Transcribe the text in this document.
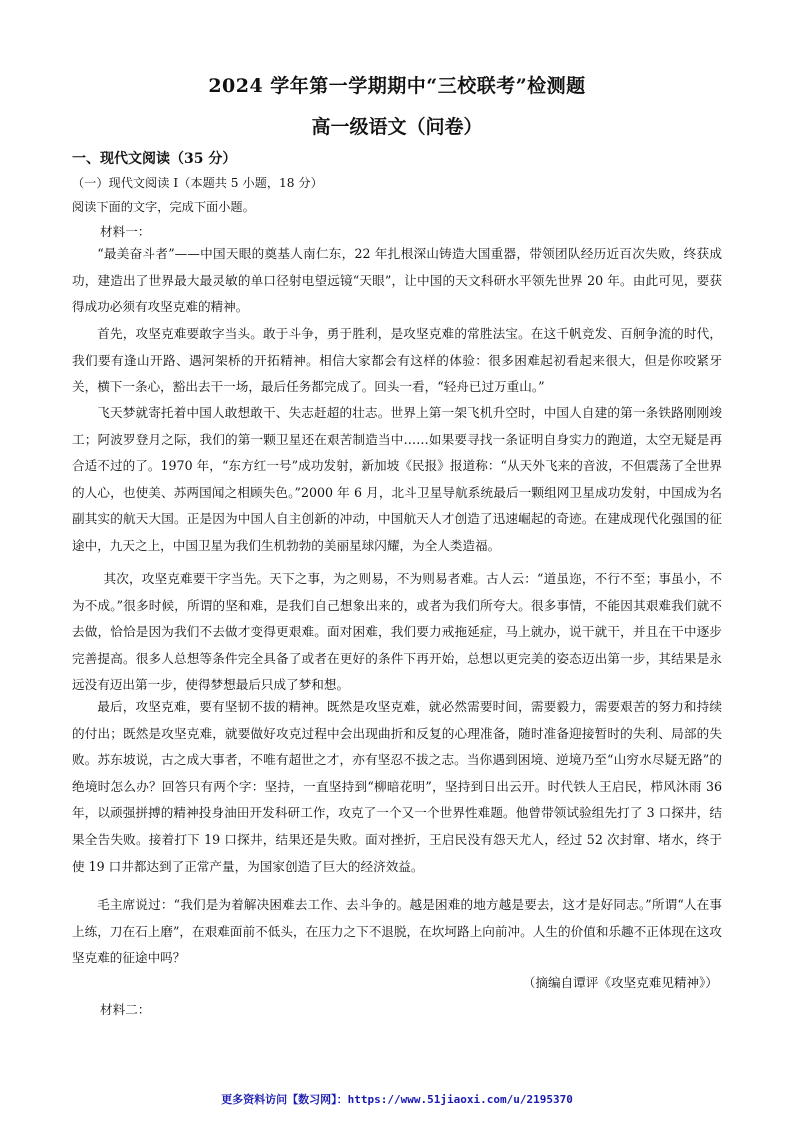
2024 学年第一学期期中“三校联考”检测题
高一级语文（问卷）
一、现代文阅读（35 分）
（一）现代文阅读 I（本题共 5 小题，18 分）
阅读下面的文字，完成下面小题。
材料一：

“最美奋斗者”——中国天眼的奠基人南仁东，22 年扎根深山铸造大国重器，带领团队经历近百次失败，终获成功，建造出了世界最大最灵敏的单口径射电望远镜“天眼”，让中国的天文科研水平领先世界 20 年。由此可见，要获得成功必须有攻坚克难的精神。

首先，攻坚克难要敢字当头。敢于斗争，勇于胜利，是攻坚克难的常胜法宝。在这千帆竞发、百舸争流的时代，我们要有逢山开路、遇河架桥的开拓精神。相信大家都会有这样的体验：很多困难起初看起来很大，但是你咬紧牙关，横下一条心，豁出去干一场，最后任务都完成了。回头一看，“轻舟已过万重山。”

飞天梦就寄托着中国人敢想敢干、失志赶超的壮志。世界上第一架飞机升空时，中国人自建的第一条铁路刚刚竣工；阿波罗登月之际，我们的第一颗卫星还在艰苦制造当中……如果要寻找一条证明自身实力的跑道，太空无疑是再合适不过的了。1970 年，“东方红一号”成功发射，新加坡《民报》报道称：“从天外飞来的音波，不但震荡了全世界的人心，也使美、苏两国闻之相顾失色。”2000 年 6 月，北斗卫星导航系统最后一颗组网卫星成功发射，中国成为名副其实的航天大国。正是因为中国人自主创新的冲动，中国航天人才创造了迅速崛起的奇迹。在建成现代化强国的征途中，九天之上，中国卫星为我们生机勃勃的美丽星球闪耀，为全人类造福。

其次，攻坚克难要干字当先。天下之事，为之则易，不为则易者难。古人云：“道虽迩，不行不至；事虽小，不为不成。”很多时候，所谓的坚和难，是我们自己想象出来的，或者为我们所夸大。很多事情，不能因其艰难我们就不去做，恰恰是因为我们不去做才变得更艰难。面对困难，我们要力戒拖延症，马上就办，说干就干，并且在干中逐步完善提高。很多人总想等条件完全具备了或者在更好的条件下再开始，总想以更完美的姿态迈出第一步，其结果是永远没有迈出第一步，使得梦想最后只成了梦和想。

最后，攻坚克难，要有坚韧不拔的精神。既然是攻坚克难，就必然需要时间，需要毅力，需要艰苦的努力和持续的付出；既然是攻坚克难，就要做好攻克过程中会出现曲折和反复的心理准备，随时准备迎接暂时的失利、局部的失败。苏东坡说，古之成大事者，不唯有超世之才，亦有坚忍不拔之志。当你遇到困境、逆境乃至“山穷水尽疑无路”的绝境时怎么办？回答只有两个字：坚持，一直坚持到“柳暗花明”，坚持到日出云开。时代铁人王启民，栉风沐雨 36 年，以顽强拼搏的精神投身油田开发科研工作，攻克了一个又一个世界性难题。他曾带领试验组先打了 3 口探井，结果全告失败。接着打下 19 口探井，结果还是失败。面对挫折，王启民没有怨天尤人，经过 52 次封窜、堵水，终于使 19 口井都达到了正常产量，为国家创造了巨大的经济效益。

毛主席说过：“我们是为着解决困难去工作、去斗争的。越是困难的地方越是要去，这才是好同志。”所谓“人在事上练，刀在石上磨”，在艰难面前不低头，在压力之下不退脱，在坎坷路上向前冲。人生的价值和乐趣不正体现在这攻坚克难的征途中吗？

（摘编自谭评《攻坚克难见精神》）
材料二：
更多资料访问【数习网】：https://www.51jiaoxi.com/u/2195370
